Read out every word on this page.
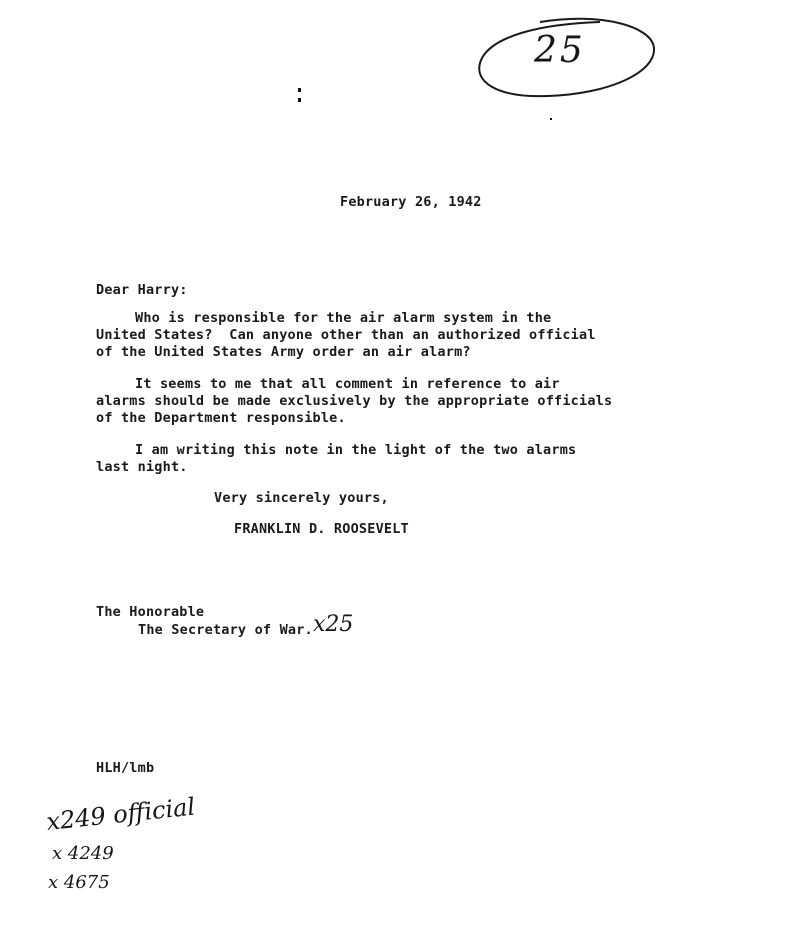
25
February 26, 1942
Dear Harry:
Who is responsible for the air alarm system in the
United States?  Can anyone other than an authorized official
of the United States Army order an air alarm?
It seems to me that all comment in reference to air
alarms should be made exclusively by the appropriate officials
of the Department responsible.
I am writing this note in the light of the two alarms
last night.
Very sincerely yours,
FRANKLIN D. ROOSEVELT
The Honorable
The Secretary of War. x25
HLH/lmb
x249 official
x 4249
x 4675
